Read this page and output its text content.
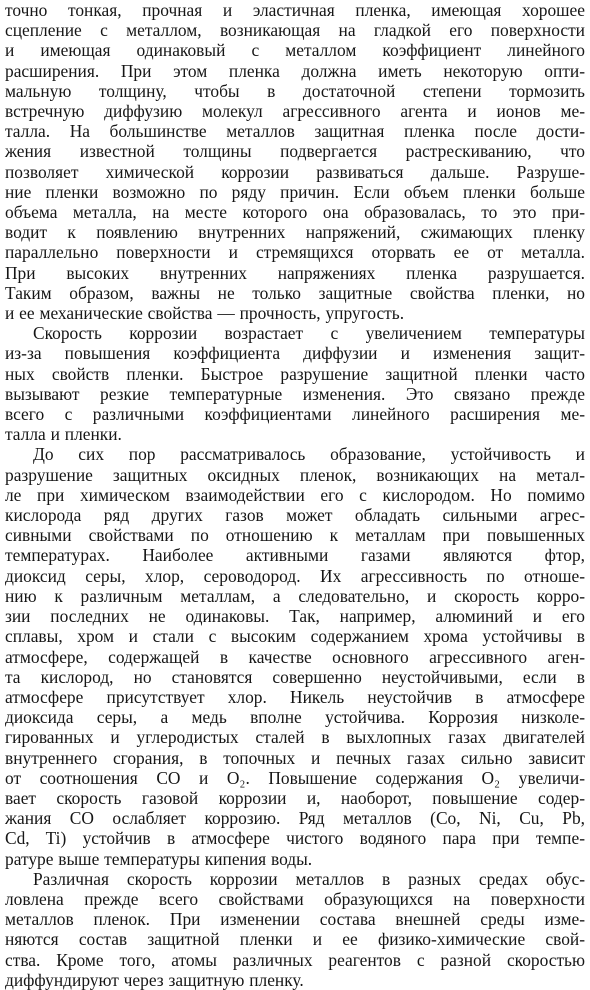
точно тонкая, прочная и эластичная пленка, имеющая хорошее
сцепление с металлом, возникающая на гладкой его поверхности
и имеющая одинаковый с металлом коэффициент линейного
расширения. При этом пленка должна иметь некоторую опти-
мальную толщину, чтобы в достаточной степени тормозить
встречную диффузию молекул агрессивного агента и ионов ме-
талла. На большинстве металлов защитная пленка после дости-
жения известной толщины подвергается растрескиванию, что
позволяет химической коррозии развиваться дальше. Разруше-
ние пленки возможно по ряду причин. Если объем пленки больше
объема металла, на месте которого она образовалась, то это при-
водит к появлению внутренних напряжений, сжимающих пленку
параллельно поверхности и стремящихся оторвать ее от металла.
При высоких внутренних напряжениях пленка разрушается.
Таким образом, важны не только защитные свойства пленки, но
и ее механические свойства — прочность, упругость.
Скорость коррозии возрастает с увеличением температуры
из-за повышения коэффициента диффузии и изменения защит-
ных свойств пленки. Быстрое разрушение защитной пленки часто
вызывают резкие температурные изменения. Это связано прежде
всего с различными коэффициентами линейного расширения ме-
талла и пленки.
До сих пор рассматривалось образование, устойчивость и
разрушение защитных оксидных пленок, возникающих на метал-
ле при химическом взаимодействии его с кислородом. Но помимо
кислорода ряд других газов может обладать сильными агрес-
сивными свойствами по отношению к металлам при повышенных
температурах. Наиболее активными газами являются фтор,
диоксид серы, хлор, сероводород. Их агрессивность по отноше-
нию к различным металлам, а следовательно, и скорость корро-
зии последних не одинаковы. Так, например, алюминий и его
сплавы, хром и стали с высоким содержанием хрома устойчивы в
атмосфере, содержащей в качестве основного агрессивного аген-
та кислород, но становятся совершенно неустойчивыми, если в
атмосфере присутствует хлор. Никель неустойчив в атмосфере
диоксида серы, а медь вполне устойчива. Коррозия низколе-
гированных и углеродистых сталей в выхлопных газах двигателей
внутреннего сгорания, в топочных и печных газах сильно зависит
от соотношения CO и O₂. Повышение содержания O₂ увеличи-
вает скорость газовой коррозии и, наоборот, повышение содер-
жания CO ослабляет коррозию. Ряд металлов (Co, Ni, Cu, Pb,
Cd, Ti) устойчив в атмосфере чистого водяного пара при темпе-
ратуре выше температуры кипения воды.
Различная скорость коррозии металлов в разных средах обус-
ловлена прежде всего свойствами образующихся на поверхности
металлов пленок. При изменении состава внешней среды изме-
няются состав защитной пленки и ее физико-химические свой-
ства. Кроме того, атомы различных реагентов с разной скоростью
диффундируют через защитную пленку.
